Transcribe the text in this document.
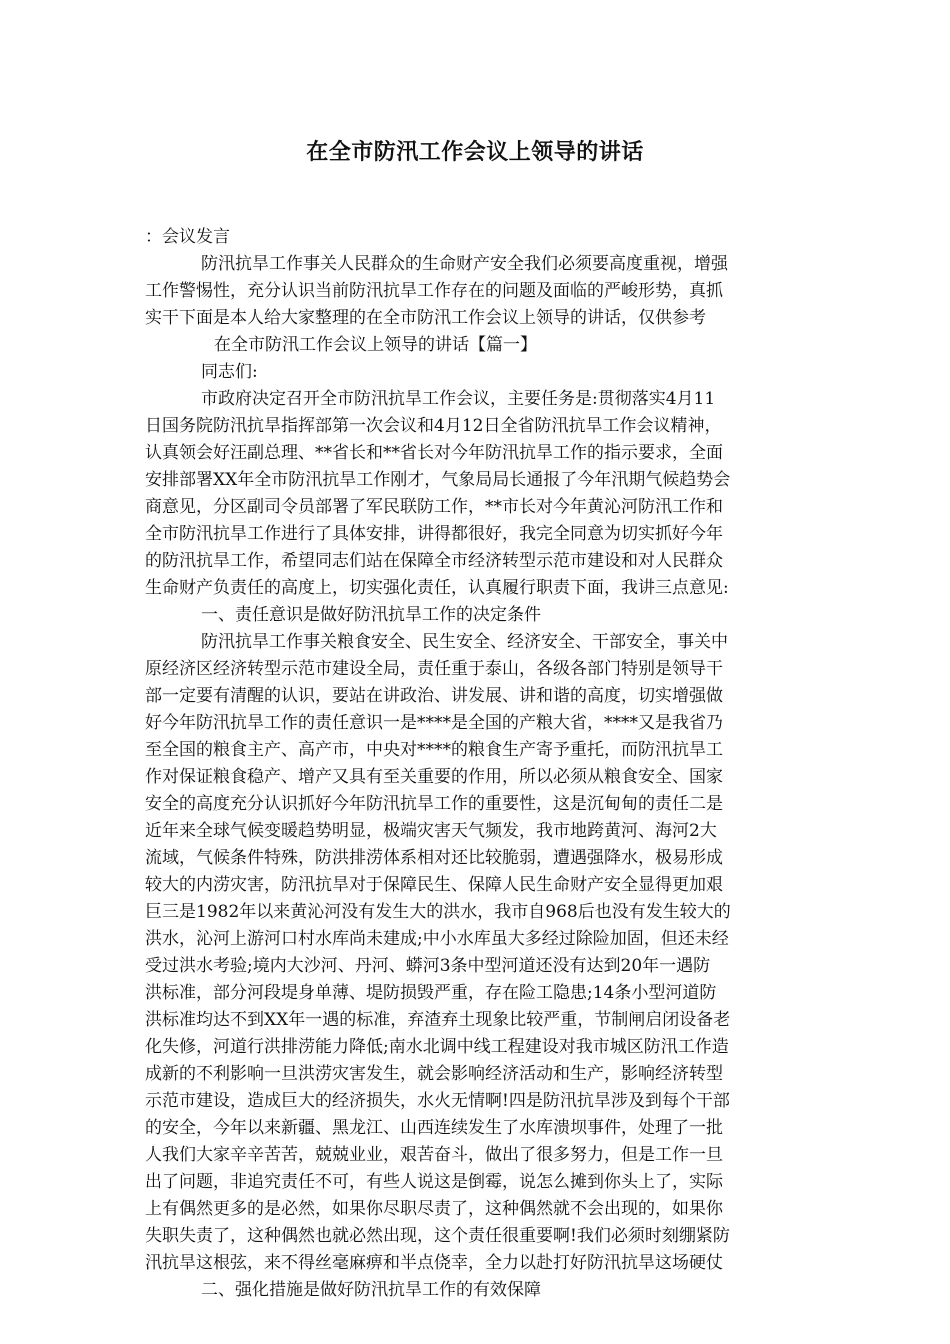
在全市防汛工作会议上领导的讲话
：会议发言
防汛抗旱工作事关人民群众的生命财产安全我们必须要高度重视，增强
工作警惕性，充分认识当前防汛抗旱工作存在的问题及面临的严峻形势，真抓
实干下面是本人给大家整理的在全市防汛工作会议上领导的讲话，仅供参考
在全市防汛工作会议上领导的讲话【篇一】
同志们:
市政府决定召开全市防汛抗旱工作会议，主要任务是:贯彻落实4月11
日国务院防汛抗旱指挥部第一次会议和4月12日全省防汛抗旱工作会议精神，
认真领会好汪副总理、**省长和**省长对今年防汛抗旱工作的指示要求，全面
安排部署XX年全市防汛抗旱工作刚才，气象局局长通报了今年汛期气候趋势会
商意见，分区副司令员部署了军民联防工作，**市长对今年黄沁河防汛工作和
全市防汛抗旱工作进行了具体安排，讲得都很好，我完全同意为切实抓好今年
的防汛抗旱工作，希望同志们站在保障全市经济转型示范市建设和对人民群众
生命财产负责任的高度上，切实强化责任，认真履行职责下面，我讲三点意见:
一、责任意识是做好防汛抗旱工作的决定条件
防汛抗旱工作事关粮食安全、民生安全、经济安全、干部安全，事关中
原经济区经济转型示范市建设全局，责任重于泰山，各级各部门特别是领导干
部一定要有清醒的认识，要站在讲政治、讲发展、讲和谐的高度，切实增强做
好今年防汛抗旱工作的责任意识一是****是全国的产粮大省，****又是我省乃
至全国的粮食主产、高产市，中央对****的粮食生产寄予重托，而防汛抗旱工
作对保证粮食稳产、增产又具有至关重要的作用，所以必须从粮食安全、国家
安全的高度充分认识抓好今年防汛抗旱工作的重要性，这是沉甸甸的责任二是
近年来全球气候变暖趋势明显，极端灾害天气频发，我市地跨黄河、海河2大
流域，气候条件特殊，防洪排涝体系相对还比较脆弱，遭遇强降水，极易形成
较大的内涝灾害，防汛抗旱对于保障民生、保障人民生命财产安全显得更加艰
巨三是1982年以来黄沁河没有发生大的洪水，我市自968后也没有发生较大的
洪水，沁河上游河口村水库尚未建成;中小水库虽大多经过除险加固，但还未经
受过洪水考验;境内大沙河、丹河、蟒河3条中型河道还没有达到20年一遇防
洪标准，部分河段堤身单薄、堤防损毁严重，存在险工隐患;14条小型河道防
洪标准均达不到XX年一遇的标准，弃渣弃土现象比较严重，节制闸启闭设备老
化失修，河道行洪排涝能力降低;南水北调中线工程建设对我市城区防汛工作造
成新的不利影响一旦洪涝灾害发生，就会影响经济活动和生产，影响经济转型
示范市建设，造成巨大的经济损失，水火无情啊!四是防汛抗旱涉及到每个干部
的安全，今年以来新疆、黑龙江、山西连续发生了水库溃坝事件，处理了一批
人我们大家辛辛苦苦，兢兢业业，艰苦奋斗，做出了很多努力，但是工作一旦
出了问题，非追究责任不可，有些人说这是倒霉，说怎么摊到你头上了，实际
上有偶然更多的是必然，如果你尽职尽责了，这种偶然就不会出现的，如果你
失职失责了，这种偶然也就必然出现，这个责任很重要啊!我们必须时刻绷紧防
汛抗旱这根弦，来不得丝毫麻痹和半点侥幸，全力以赴打好防汛抗旱这场硬仗
二、强化措施是做好防汛抗旱工作的有效保障
